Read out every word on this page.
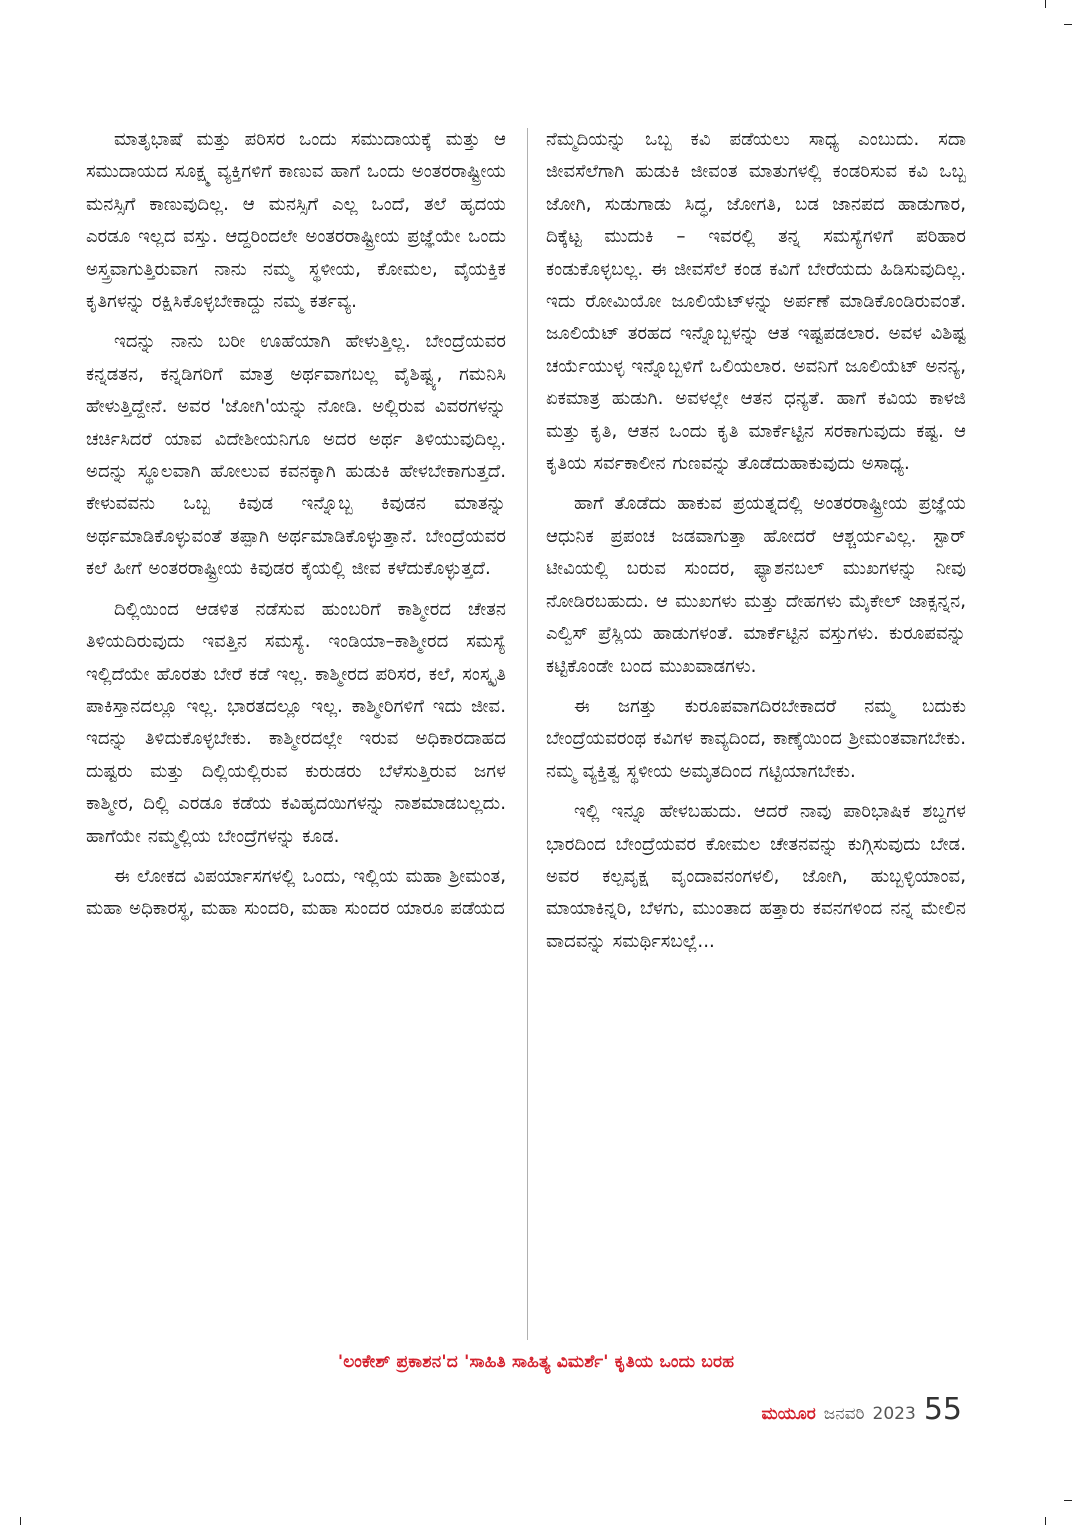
ಮಾತೃಭಾಷೆ ಮತ್ತು ಪರಿಸರ ಒಂದು ಸಮುದಾಯಕ್ಕೆ ಮತ್ತು ಆ ಸಮುದಾಯದ ಸೂಕ್ಷ್ಮ ವ್ಯಕ್ತಿಗಳಿಗೆ ಕಾಣುವ ಹಾಗೆ ಒಂದು ಅಂತರರಾಷ್ಟ್ರೀಯ ಮನಸ್ಸಿಗೆ ಕಾಣುವುದಿಲ್ಲ. ಆ ಮನಸ್ಸಿಗೆ ಎಲ್ಲ ಒಂದೆ, ತಲೆ ಹೃದಯ ಎರಡೂ ಇಲ್ಲದ ವಸ್ತು. ಆದ್ದರಿಂದಲೇ ಅಂತರರಾಷ್ಟ್ರೀಯ ಪ್ರಜ್ಞೆಯೇ ಒಂದು ಅಸ್ತ್ರವಾಗುತ್ತಿರುವಾಗ ನಾನು ನಮ್ಮ ಸ್ಥಳೀಯ, ಕೋಮಲ, ವೈಯಕ್ತಿಕ ಕೃತಿಗಳನ್ನು ರಕ್ಷಿಸಿಕೊಳ್ಳಬೇಕಾದ್ದು ನಮ್ಮ ಕರ್ತವ್ಯ.

ಇದನ್ನು ನಾನು ಬರೀ ಊಹೆಯಾಗಿ ಹೇಳುತ್ತಿಲ್ಲ. ಬೇಂದ್ರೆಯವರ ಕನ್ನಡತನ, ಕನ್ನಡಿಗರಿಗೆ ಮಾತ್ರ ಅರ್ಥವಾಗಬಲ್ಲ ವೈಶಿಷ್ಟ್ಯ, ಗಮನಿಸಿ ಹೇಳುತ್ತಿದ್ದೇನೆ. ಅವರ 'ಜೋಗಿ'ಯನ್ನು ನೋಡಿ. ಅಲ್ಲಿರುವ ವಿವರಗಳನ್ನು ಚರ್ಚಿಸಿದರೆ ಯಾವ ವಿದೇಶೀಯನಿಗೂ ಅದರ ಅರ್ಥ ತಿಳಿಯುವುದಿಲ್ಲ. ಅದನ್ನು ಸ್ಥೂಲವಾಗಿ ಹೋಲುವ ಕವನಕ್ಕಾಗಿ ಹುಡುಕಿ ಹೇಳಬೇಕಾಗುತ್ತದೆ. ಕೇಳುವವನು ಒಬ್ಬ ಕಿವುಡ ಇನ್ನೊಬ್ಬ ಕಿವುಡನ ಮಾತನ್ನು ಅರ್ಥಮಾಡಿಕೊಳ್ಳುವಂತೆ ತಪ್ಪಾಗಿ ಅರ್ಥಮಾಡಿಕೊಳ್ಳುತ್ತಾನೆ. ಬೇಂದ್ರೆಯವರ ಕಲೆ ಹೀಗೆ ಅಂತರರಾಷ್ಟ್ರೀಯ ಕಿವುಡರ ಕೈಯಲ್ಲಿ ಜೀವ ಕಳೆದುಕೊಳ್ಳುತ್ತದೆ.

ದಿಲ್ಲಿಯಿಂದ ಆಡಳಿತ ನಡೆಸುವ ಹುಂಬರಿಗೆ ಕಾಶ್ಮೀರದ ಚೇತನ ತಿಳಿಯದಿರುವುದು ಇವತ್ತಿನ ಸಮಸ್ಯೆ. ಇಂಡಿಯಾ–ಕಾಶ್ಮೀರದ ಸಮಸ್ಯೆ ಇಲ್ಲಿದೆಯೇ ಹೊರತು ಬೇರೆ ಕಡೆ ಇಲ್ಲ. ಕಾಶ್ಮೀರದ ಪರಿಸರ, ಕಲೆ, ಸಂಸ್ಕೃತಿ ಪಾಕಿಸ್ತಾನದಲ್ಲೂ ಇಲ್ಲ. ಭಾರತದಲ್ಲೂ ಇಲ್ಲ. ಕಾಶ್ಮೀರಿಗಳಿಗೆ ಇದು ಜೀವ. ಇದನ್ನು ತಿಳಿದುಕೊಳ್ಳಬೇಕು. ಕಾಶ್ಮೀರದಲ್ಲೇ ಇರುವ ಅಧಿಕಾರದಾಹದ ದುಷ್ಟರು ಮತ್ತು ದಿಲ್ಲಿಯಲ್ಲಿರುವ ಕುರುಡರು ಬೆಳೆಸುತ್ತಿರುವ ಜಗಳ ಕಾಶ್ಮೀರ, ದಿಲ್ಲಿ ಎರಡೂ ಕಡೆಯ ಕವಿಹೃದಯಿಗಳನ್ನು ನಾಶಮಾಡಬಲ್ಲದು. ಹಾಗೆಯೇ ನಮ್ಮಲ್ಲಿಯ ಬೇಂದ್ರೆಗಳನ್ನು ಕೂಡ.

ಈ ಲೋಕದ ವಿಪರ್ಯಾಸಗಳಲ್ಲಿ ಒಂದು, ಇಲ್ಲಿಯ ಮಹಾ ಶ್ರೀಮಂತ, ಮಹಾ ಅಧಿಕಾರಸ್ಥ, ಮಹಾ ಸುಂದರಿ, ಮಹಾ ಸುಂದರ ಯಾರೂ ಪಡೆಯದ

ನೆಮ್ಮದಿಯನ್ನು ಒಬ್ಬ ಕವಿ ಪಡೆಯಲು ಸಾಧ್ಯ ಎಂಬುದು. ಸದಾ ಜೀವಸೆಲೆಗಾಗಿ ಹುಡುಕಿ ಜೀವಂತ ಮಾತುಗಳಲ್ಲಿ ಕಂಡರಿಸುವ ಕವಿ ಒಬ್ಬ ಜೋಗಿ, ಸುಡುಗಾಡು ಸಿದ್ಧ, ಜೋಗತಿ, ಬಡ ಜಾನಪದ ಹಾಡುಗಾರ, ದಿಕ್ಕೆಟ್ಟ ಮುದುಕಿ – ಇವರಲ್ಲಿ ತನ್ನ ಸಮಸ್ಯೆಗಳಿಗೆ ಪರಿಹಾರ ಕಂಡುಕೊಳ್ಳಬಲ್ಲ. ಈ ಜೀವಸೆಲೆ ಕಂಡ ಕವಿಗೆ ಬೇರೆಯದು ಹಿಡಿಸುವುದಿಲ್ಲ. ಇದು ರೋಮಿಯೋ ಜೂಲಿಯೆಟ್‌ಳನ್ನು ಅರ್ಪಣೆ ಮಾಡಿಕೊಂಡಿರುವಂತೆ. ಜೂಲಿಯೆಟ್ ತರಹದ ಇನ್ನೊಬ್ಬಳನ್ನು ಆತ ಇಷ್ಟಪಡಲಾರ. ಅವಳ ವಿಶಿಷ್ಟ ಚರ್ಯೆಯುಳ್ಳ ಇನ್ನೊಬ್ಬಳಿಗೆ ಒಲಿಯಲಾರ. ಅವನಿಗೆ ಜೂಲಿಯೆಟ್ ಅನನ್ಯ, ಏಕಮಾತ್ರ ಹುಡುಗಿ. ಅವಳಲ್ಲೇ ಆತನ ಧನ್ಯತೆ. ಹಾಗೆ ಕವಿಯ ಕಾಳಜಿ ಮತ್ತು ಕೃತಿ, ಆತನ ಒಂದು ಕೃತಿ ಮಾರ್ಕೆಟ್ಟಿನ ಸರಕಾಗುವುದು ಕಷ್ಟ. ಆ ಕೃತಿಯ ಸರ್ವಕಾಲೀನ ಗುಣವನ್ನು ತೊಡೆದುಹಾಕುವುದು ಅಸಾಧ್ಯ.

ಹಾಗೆ ತೊಡೆದು ಹಾಕುವ ಪ್ರಯತ್ನದಲ್ಲಿ ಅಂತರರಾಷ್ಟ್ರೀಯ ಪ್ರಜ್ಞೆಯ ಆಧುನಿಕ ಪ್ರಪಂಚ ಜಡವಾಗುತ್ತಾ ಹೋದರೆ ಆಶ್ಚರ್ಯವಿಲ್ಲ. ಸ್ಟಾರ್ ಟೀವಿಯಲ್ಲಿ ಬರುವ ಸುಂದರ, ಫ್ಯಾಶನಬಲ್ ಮುಖಗಳನ್ನು ನೀವು ನೋಡಿರಬಹುದು. ಆ ಮುಖಗಳು ಮತ್ತು ದೇಹಗಳು ಮೈಕೇಲ್ ಜಾಕ್ಸನ್ನನ, ಎಲ್ವಿಸ್ ಪ್ರೆಸ್ಲಿಯ ಹಾಡುಗಳಂತೆ. ಮಾರ್ಕೆಟ್ಟಿನ ವಸ್ತುಗಳು. ಕುರೂಪವನ್ನು ಕಟ್ಟಿಕೊಂಡೇ ಬಂದ ಮುಖವಾಡಗಳು.

ಈ ಜಗತ್ತು ಕುರೂಪವಾಗದಿರಬೇಕಾದರೆ ನಮ್ಮ ಬದುಕು ಬೇಂದ್ರೆಯವರಂಥ ಕವಿಗಳ ಕಾವ್ಯದಿಂದ, ಕಾಣ್ಕೆಯಿಂದ ಶ್ರೀಮಂತವಾಗಬೇಕು. ನಮ್ಮ ವ್ಯಕ್ತಿತ್ವ ಸ್ಥಳೀಯ ಅಮೃತದಿಂದ ಗಟ್ಟಿಯಾಗಬೇಕು.

ಇಲ್ಲಿ ಇನ್ನೂ ಹೇಳಬಹುದು. ಆದರೆ ನಾವು ಪಾರಿಭಾಷಿಕ ಶಬ್ದಗಳ ಭಾರದಿಂದ ಬೇಂದ್ರೆಯವರ ಕೋಮಲ ಚೇತನವನ್ನು ಕುಗ್ಗಿಸುವುದು ಬೇಡ. ಅವರ ಕಲ್ಪವೃಕ್ಷ ವೃಂದಾವನಂಗಳಲಿ, ಜೋಗಿ, ಹುಬ್ಬಳ್ಳಿಯಾಂವ, ಮಾಯಾಕಿನ್ನರಿ, ಬೆಳಗು, ಮುಂತಾದ ಹತ್ತಾರು ಕವನಗಳಿಂದ ನನ್ನ ಮೇಲಿನ ವಾದವನ್ನು ಸಮರ್ಥಿಸಬಲ್ಲೆ...

'ಲಂಕೇಶ್ ಪ್ರಕಾಶನ'ದ 'ಸಾಹಿತಿ ಸಾಹಿತ್ಯ ವಿಮರ್ಶೆ' ಕೃತಿಯ ಒಂದು ಬರಹ
ಮಯೂರ ಜನವರಿ 2023 55
